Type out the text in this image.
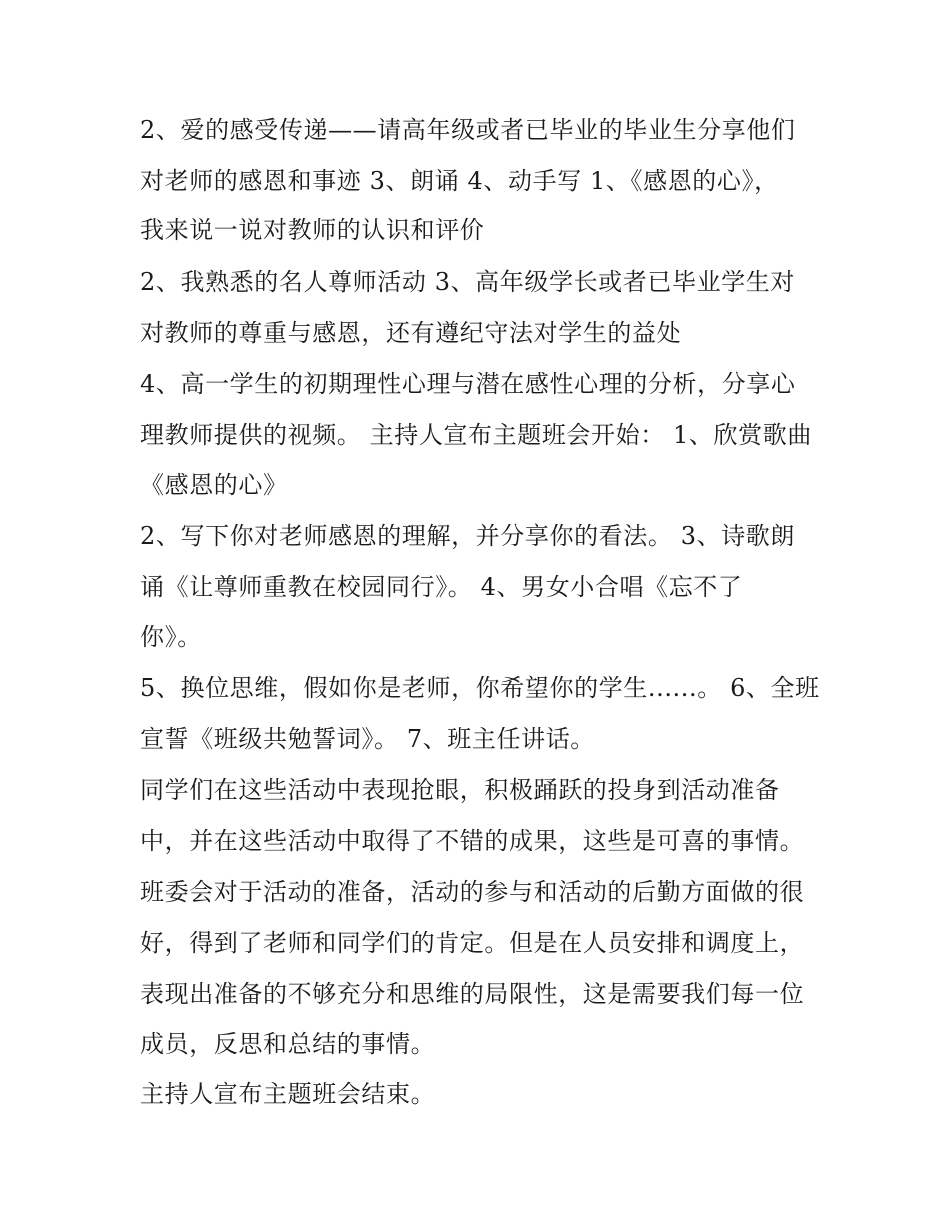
2、爱的感受传递——请高年级或者已毕业的毕业生分享他们
对老师的感恩和事迹 3、朗诵 4、动手写 1、《感恩的心》，
我来说一说对教师的认识和评价
2、我熟悉的名人尊师活动 3、高年级学长或者已毕业学生对
对教师的尊重与感恩，还有遵纪守法对学生的益处
4、高一学生的初期理性心理与潜在感性心理的分析，分享心
理教师提供的视频。 主持人宣布主题班会开始： 1、欣赏歌曲
《感恩的心》
2、写下你对老师感恩的理解，并分享你的看法。 3、诗歌朗
诵《让尊师重教在校园同行》。 4、男女小合唱《忘不了
你》。
5、换位思维，假如你是老师，你希望你的学生......。 6、全班
宣誓《班级共勉誓词》。 7、班主任讲话。
同学们在这些活动中表现抢眼，积极踊跃的投身到活动准备
中，并在这些活动中取得了不错的成果，这些是可喜的事情。
班委会对于活动的准备，活动的参与和活动的后勤方面做的很
好，得到了老师和同学们的肯定。但是在人员安排和调度上，
表现出准备的不够充分和思维的局限性，这是需要我们每一位
成员，反思和总结的事情。
主持人宣布主题班会结束。
